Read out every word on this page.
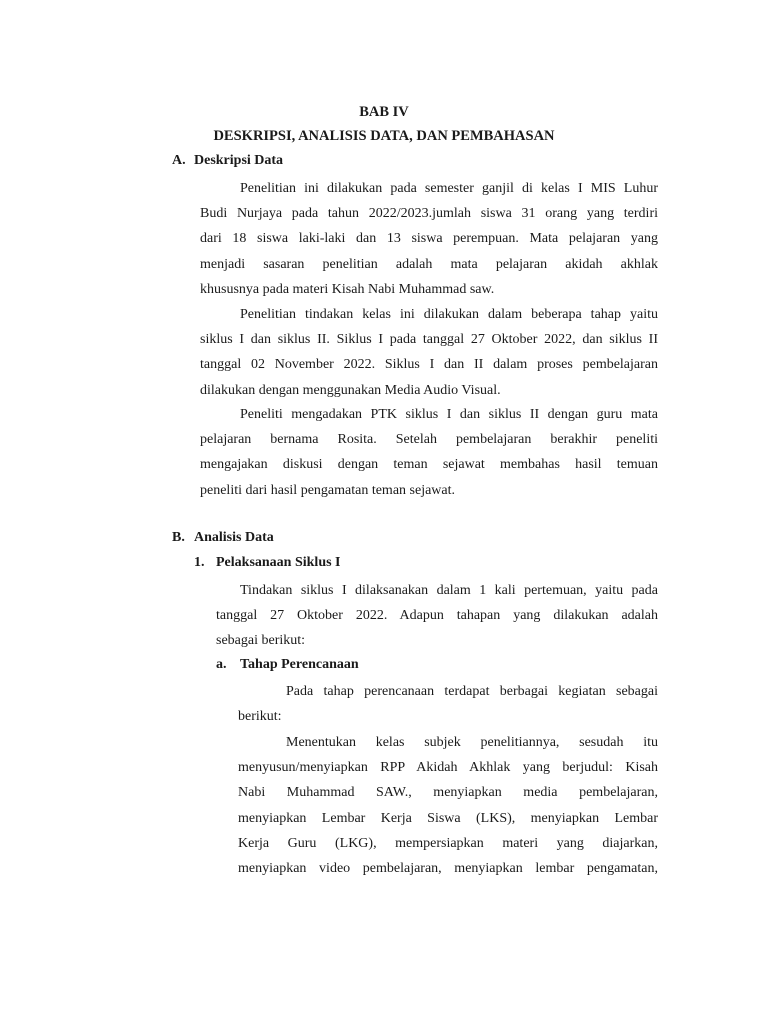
BAB IV
DESKRIPSI, ANALISIS DATA, DAN PEMBAHASAN
A. Deskripsi Data
Penelitian ini dilakukan pada semester ganjil di kelas I MIS Luhur
Budi Nurjaya pada tahun 2022/2023.jumlah siswa 31 orang yang terdiri
dari 18 siswa laki-laki dan 13 siswa perempuan. Mata pelajaran yang
menjadi sasaran penelitian adalah mata pelajaran akidah akhlak
khususnya pada materi Kisah Nabi Muhammad saw.
Penelitian tindakan kelas ini dilakukan dalam beberapa tahap yaitu
siklus I dan siklus II. Siklus I pada tanggal 27 Oktober 2022, dan siklus II
tanggal 02 November 2022. Siklus I dan II dalam proses pembelajaran
dilakukan dengan menggunakan Media Audio Visual.
Peneliti mengadakan PTK siklus I dan siklus II dengan guru mata
pelajaran bernama Rosita. Setelah pembelajaran berakhir peneliti
mengajakan diskusi dengan teman sejawat membahas hasil temuan
peneliti dari hasil pengamatan teman sejawat.
B. Analisis Data
1. Pelaksanaan Siklus I
Tindakan siklus I dilaksanakan dalam 1 kali pertemuan, yaitu pada
tanggal 27 Oktober 2022. Adapun tahapan yang dilakukan adalah
sebagai berikut:
a. Tahap Perencanaan
Pada tahap perencanaan terdapat berbagai kegiatan sebagai
berikut:
Menentukan kelas subjek penelitiannya, sesudah itu
menyusun/menyiapkan RPP Akidah Akhlak yang berjudul: Kisah
Nabi Muhammad SAW., menyiapkan media pembelajaran,
menyiapkan Lembar Kerja Siswa (LKS), menyiapkan Lembar
Kerja Guru (LKG), mempersiapkan materi yang diajarkan,
menyiapkan video pembelajaran, menyiapkan lembar pengamatan,
